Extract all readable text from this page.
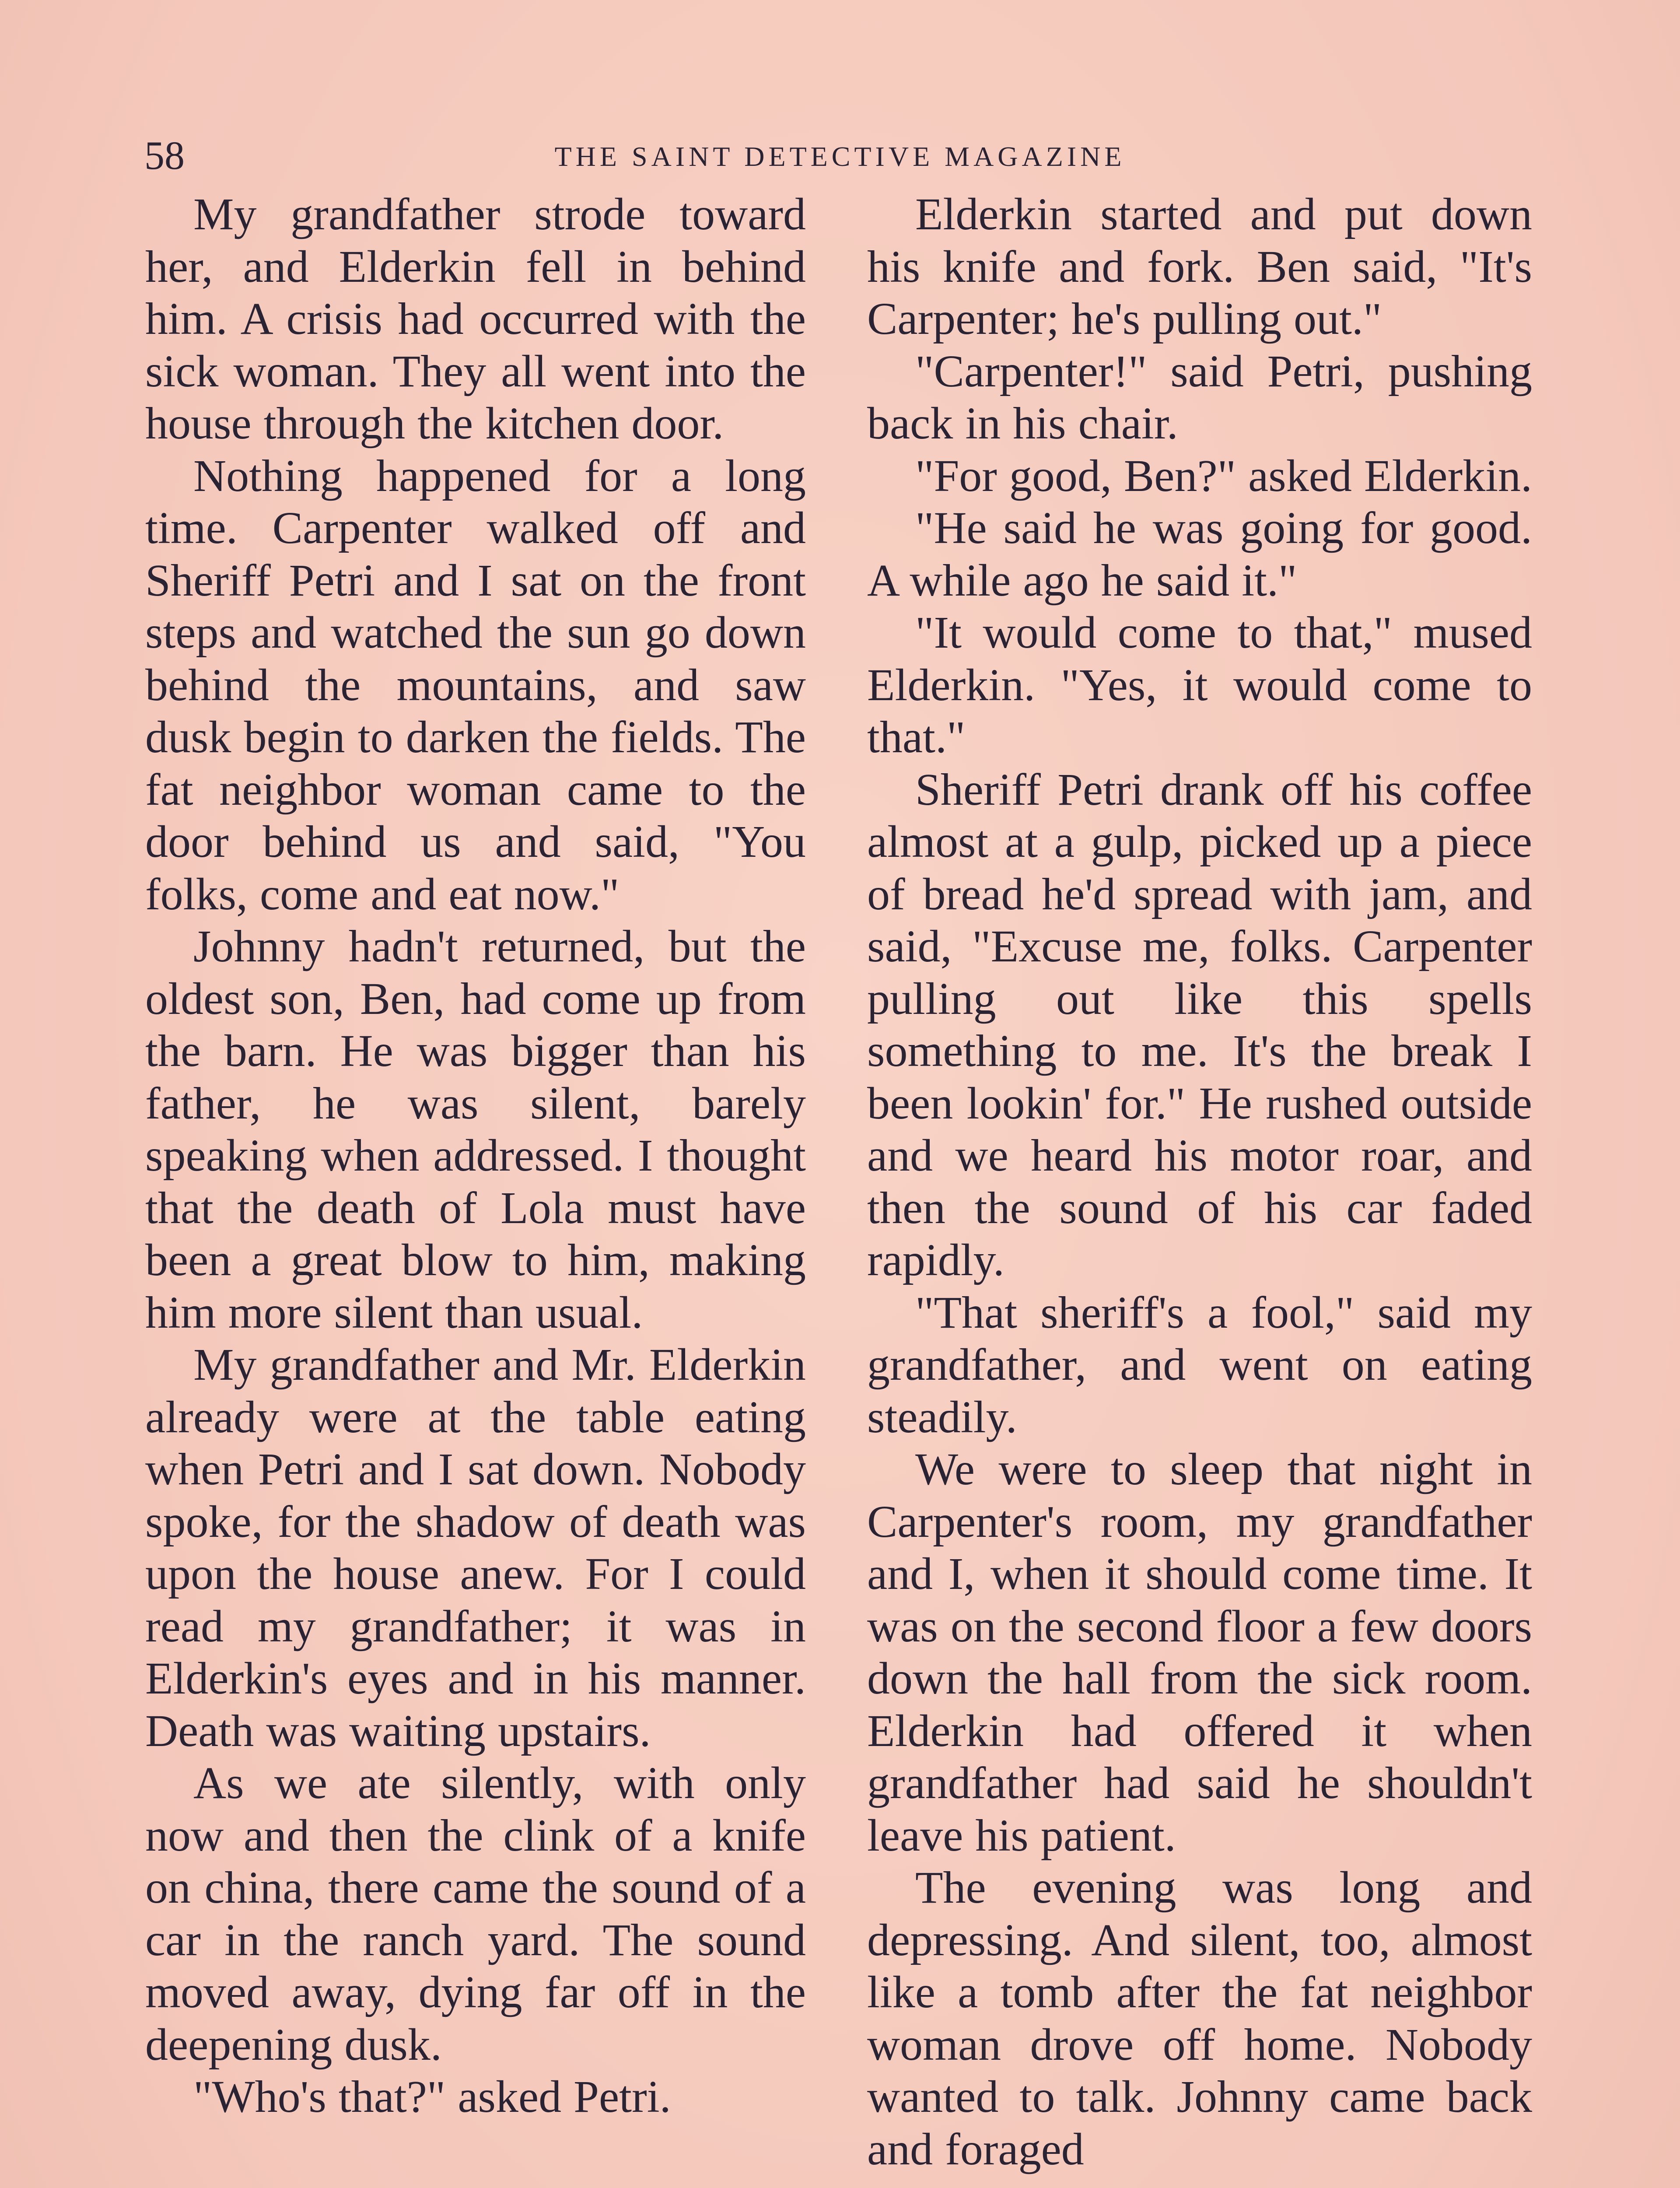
58	THE SAINT DETECTIVE MAGAZINE

My grandfather strode toward her, and Elderkin fell in behind him. A crisis had occurred with the sick woman. They all went into the house through the kitchen door.

Nothing happened for a long time. Carpenter walked off and Sheriff Petri and I sat on the front steps and watched the sun go down behind the mountains, and saw dusk begin to darken the fields. The fat neighbor woman came to the door behind us and said, "You folks, come and eat now."

Johnny hadn't returned, but the oldest son, Ben, had come up from the barn. He was bigger than his father, he was silent, barely speaking when addressed. I thought that the death of Lola must have been a great blow to him, making him more silent than usual.

My grandfather and Mr. Elderkin already were at the table eating when Petri and I sat down. Nobody spoke, for the shadow of death was upon the house anew. For I could read my grandfather; it was in Elderkin's eyes and in his manner. Death was waiting upstairs.

As we ate silently, with only now and then the clink of a knife on china, there came the sound of a car in the ranch yard. The sound moved away, dying far off in the deepening dusk.

"Who's that?" asked Petri.

Elderkin started and put down his knife and fork. Ben said, "It's Carpenter; he's pulling out."

"Carpenter!" said Petri, pushing back in his chair.

"For good, Ben?" asked Elderkin.

"He said he was going for good. A while ago he said it."

"It would come to that," mused Elderkin. "Yes, it would come to that."

Sheriff Petri drank off his coffee almost at a gulp, picked up a piece of bread he'd spread with jam, and said, "Excuse me, folks. Carpenter pulling out like this spells something to me. It's the break I been lookin' for." He rushed outside and we heard his motor roar, and then the sound of his car faded rapidly.

"That sheriff's a fool," said my grandfather, and went on eating steadily.

We were to sleep that night in Carpenter's room, my grandfather and I, when it should come time. It was on the second floor a few doors down the hall from the sick room. Elderkin had offered it when grandfather had said he shouldn't leave his patient.

The evening was long and depressing. And silent, too, almost like a tomb after the fat neighbor woman drove off home. Nobody wanted to talk. Johnny came back and foraged
